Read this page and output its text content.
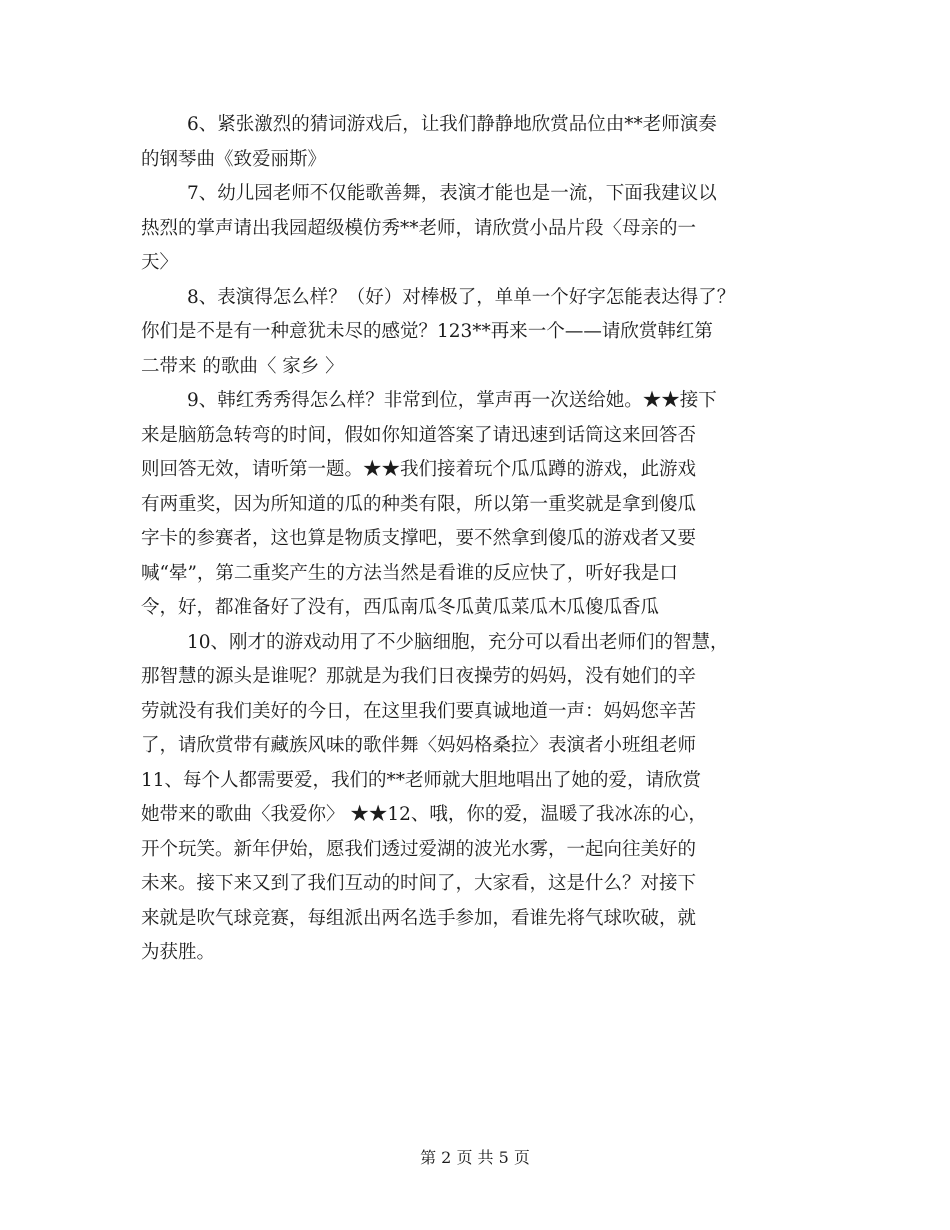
6、紧张激烈的猜词游戏后，让我们静静地欣赏品位由**老师演奏
的钢琴曲《致爱丽斯》
7、幼儿园老师不仅能歌善舞，表演才能也是一流，下面我建议以
热烈的掌声请出我园超级模仿秀**老师，请欣赏小品片段〈母亲的一
天〉
8、表演得怎么样？（好）对棒极了，单单一个好字怎能表达得了？
你们是不是有一种意犹未尽的感觉？123**再来一个——请欣赏韩红第
二带来 的歌曲〈 家乡 〉
9、韩红秀秀得怎么样？非常到位，掌声再一次送给她。★★接下
来是脑筋急转弯的时间，假如你知道答案了请迅速到话筒这来回答否
则回答无效，请听第一题。★★我们接着玩个瓜瓜蹲的游戏，此游戏
有两重奖，因为所知道的瓜的种类有限，所以第一重奖就是拿到傻瓜
字卡的参赛者，这也算是物质支撑吧，要不然拿到傻瓜的游戏者又要
喊“晕”，第二重奖产生的方法当然是看谁的反应快了，听好我是口
令，好，都准备好了没有，西瓜南瓜冬瓜黄瓜菜瓜木瓜傻瓜香瓜
10、刚才的游戏动用了不少脑细胞，充分可以看出老师们的智慧，
那智慧的源头是谁呢？那就是为我们日夜操劳的妈妈，没有她们的辛
劳就没有我们美好的今日，在这里我们要真诚地道一声：妈妈您辛苦
了，请欣赏带有藏族风味的歌伴舞〈妈妈格桑拉〉表演者小班组老师
11、每个人都需要爱，我们的**老师就大胆地唱出了她的爱，请欣赏
她带来的歌曲〈我爱你〉 ★★12、哦，你的爱，温暖了我冰冻的心，
开个玩笑。新年伊始，愿我们透过爱湖的波光水雾，一起向往美好的
未来。接下来又到了我们互动的时间了，大家看，这是什么？对接下
来就是吹气球竞赛，每组派出两名选手参加，看谁先将气球吹破，就
为获胜。
第 2 页 共 5 页
